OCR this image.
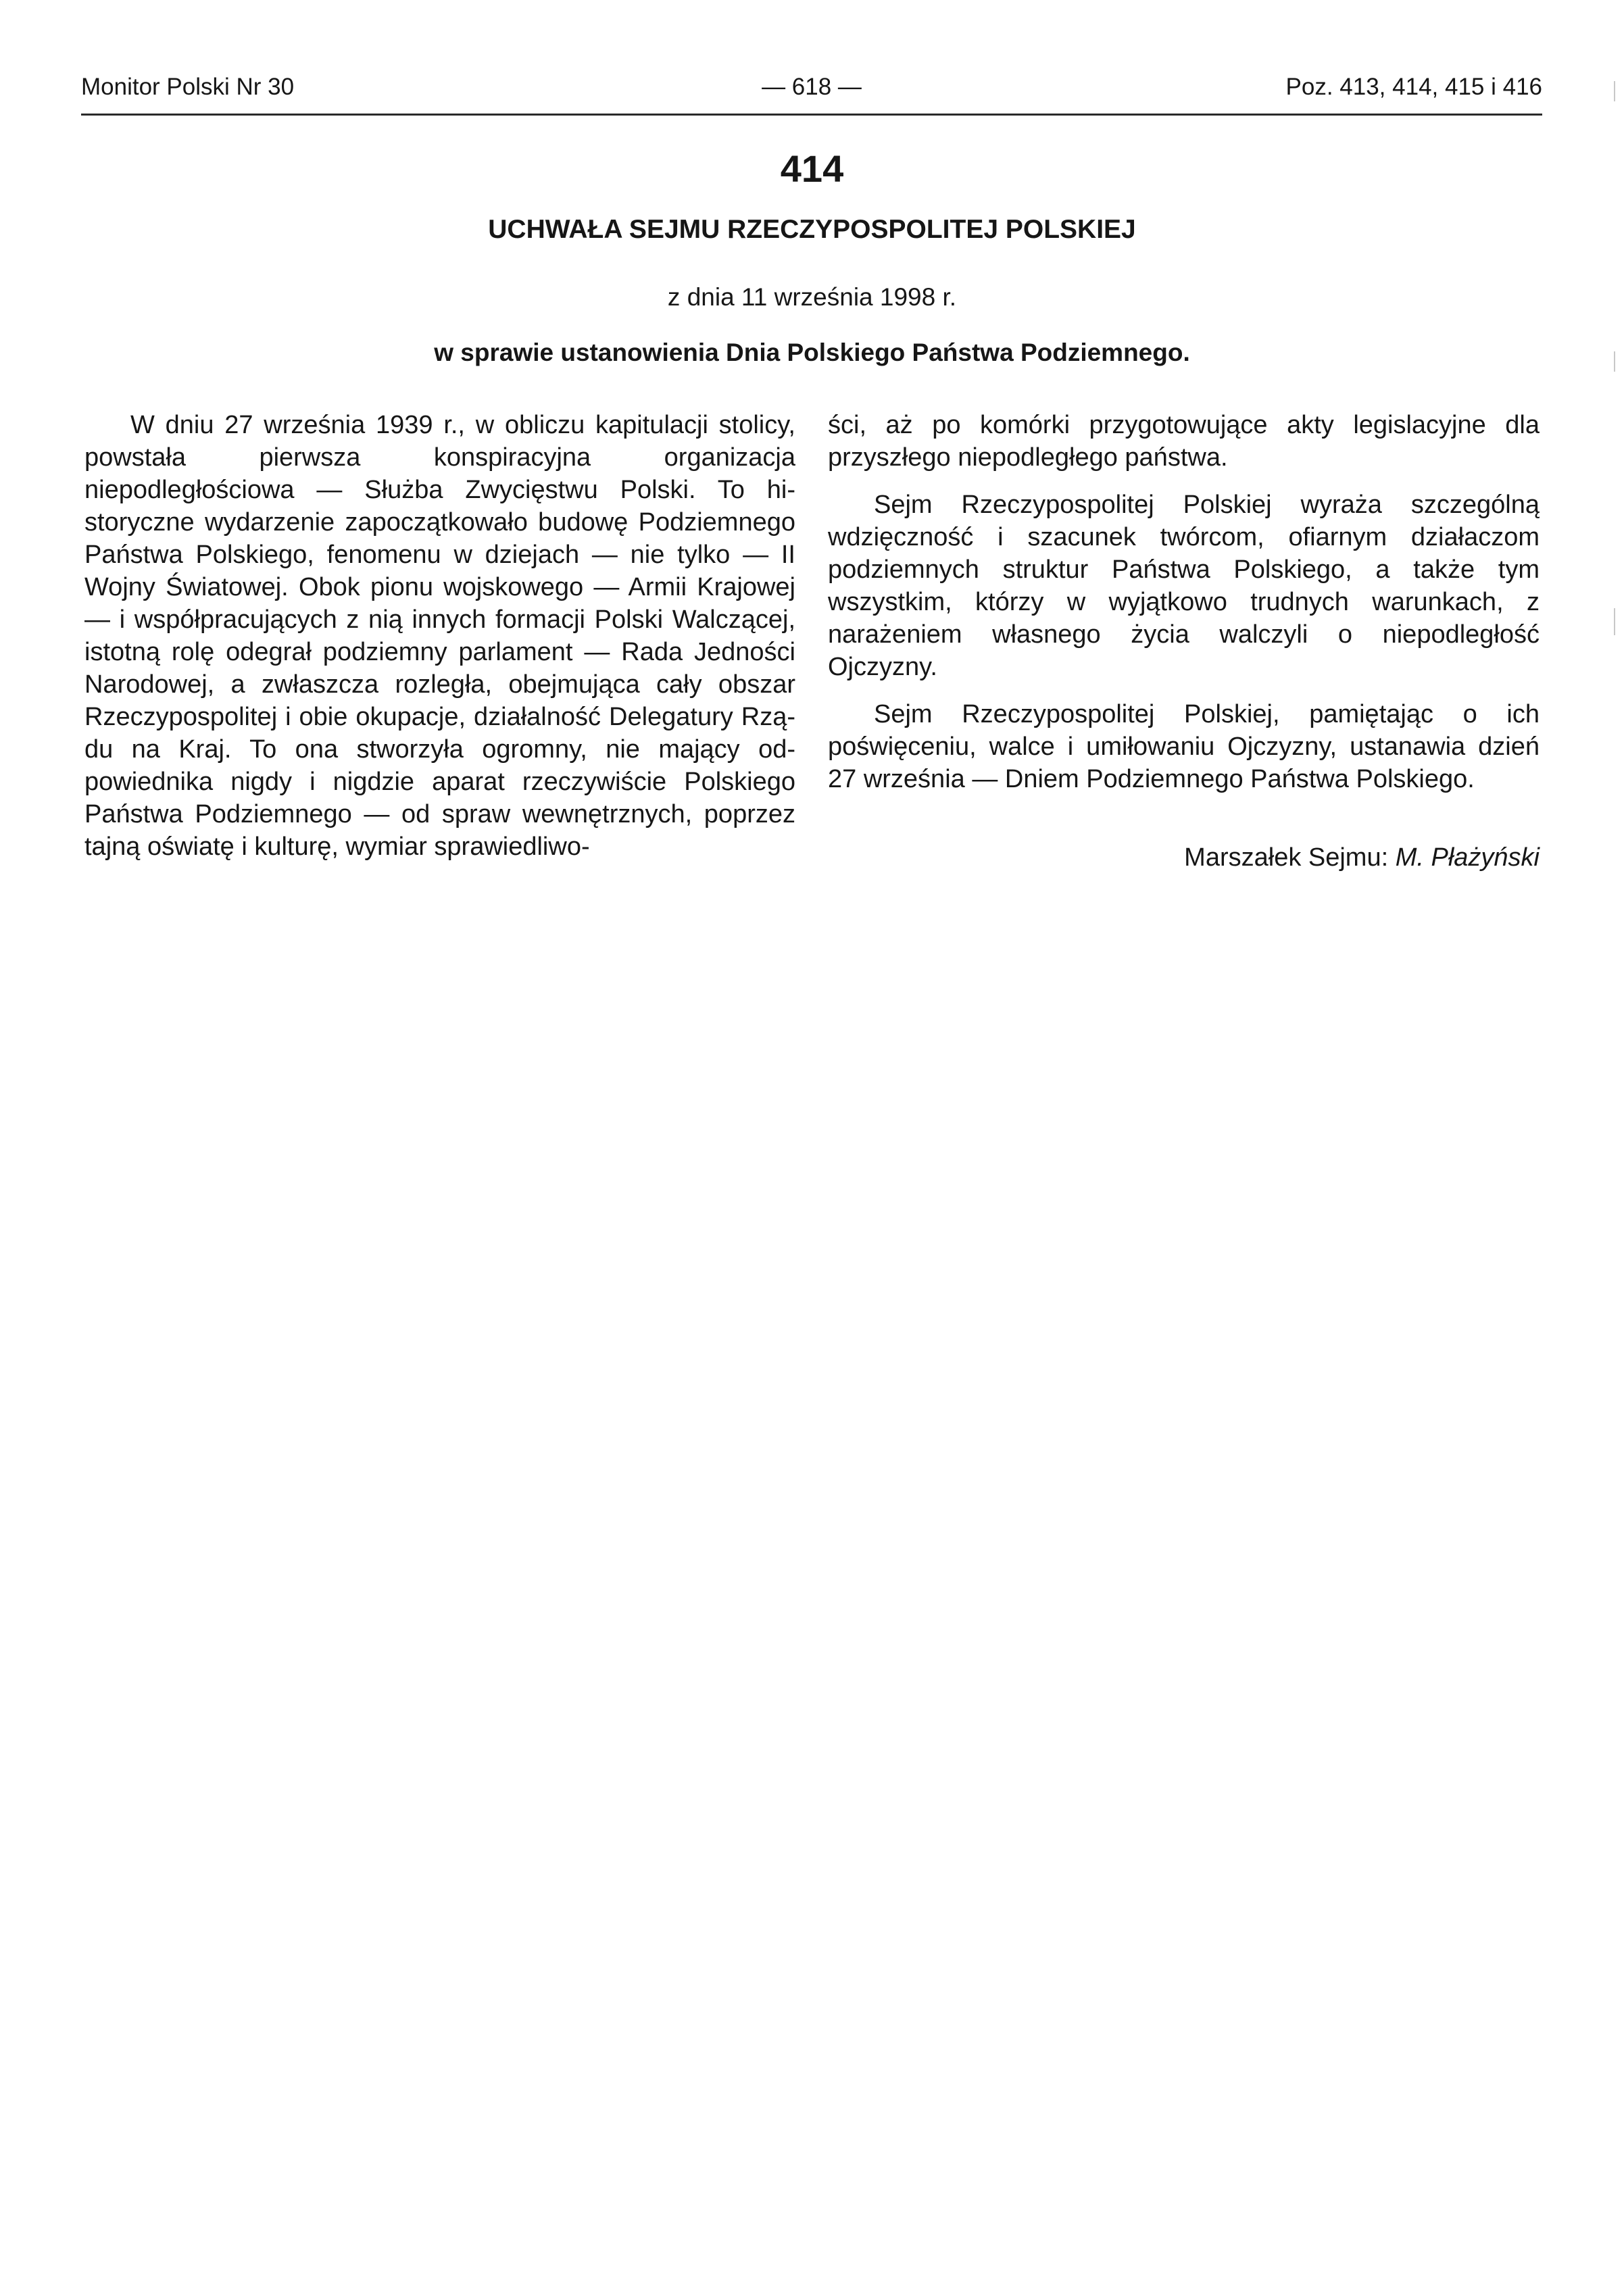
Monitor Polski Nr 30	— 618 —	Poz. 413, 414, 415 i 416
414
UCHWAŁA SEJMU RZECZYPOSPOLITEJ POLSKIEJ
z dnia 11 września 1998 r.
w sprawie ustanowienia Dnia Polskiego Państwa Podziemnego.

W dniu 27 września 1939 r., w obliczu kapitulacji stolicy, powstała pierwsza konspiracyjna organizacja niepodległościowa — Służba Zwycięstwu Polski. To historyczne wydarzenie zapoczątkowało budowę Podziemnego Państwa Polskiego, fenomenu w dziejach — nie tylko — II Wojny Światowej. Obok pionu wojskowego — Armii Krajowej — i współpracujących z nią innych formacji Polski Walczącej, istotną rolę odegrał podziemny parlament — Rada Jedności Narodowej, a zwłaszcza rozległa, obejmująca cały obszar Rzeczypospolitej i obie okupacje, działalność Delegatury Rządu na Kraj. To ona stworzyła ogromny, nie mający odpowiednika nigdy i nigdzie aparat rzeczywiście Polskiego Państwa Podziemnego — od spraw wewnętrznych, poprzez tajną oświatę i kulturę, wymiar sprawiedliwo-

ści, aż po komórki przygotowujące akty legislacyjne dla przyszłego niepodległego państwa.

Sejm Rzeczypospolitej Polskiej wyraża szczególną wdzięczność i szacunek twórcom, ofiarnym działaczom podziemnych struktur Państwa Polskiego, a także tym wszystkim, którzy w wyjątkowo trudnych warunkach, z narażeniem własnego życia walczyli o niepodległość Ojczyzny.

Sejm Rzeczypospolitej Polskiej, pamiętając o ich poświęceniu, walce i umiłowaniu Ojczyzny, ustanawia dzień 27 września — Dniem Podziemnego Państwa Polskiego.

Marszałek Sejmu: M. Płażyński
